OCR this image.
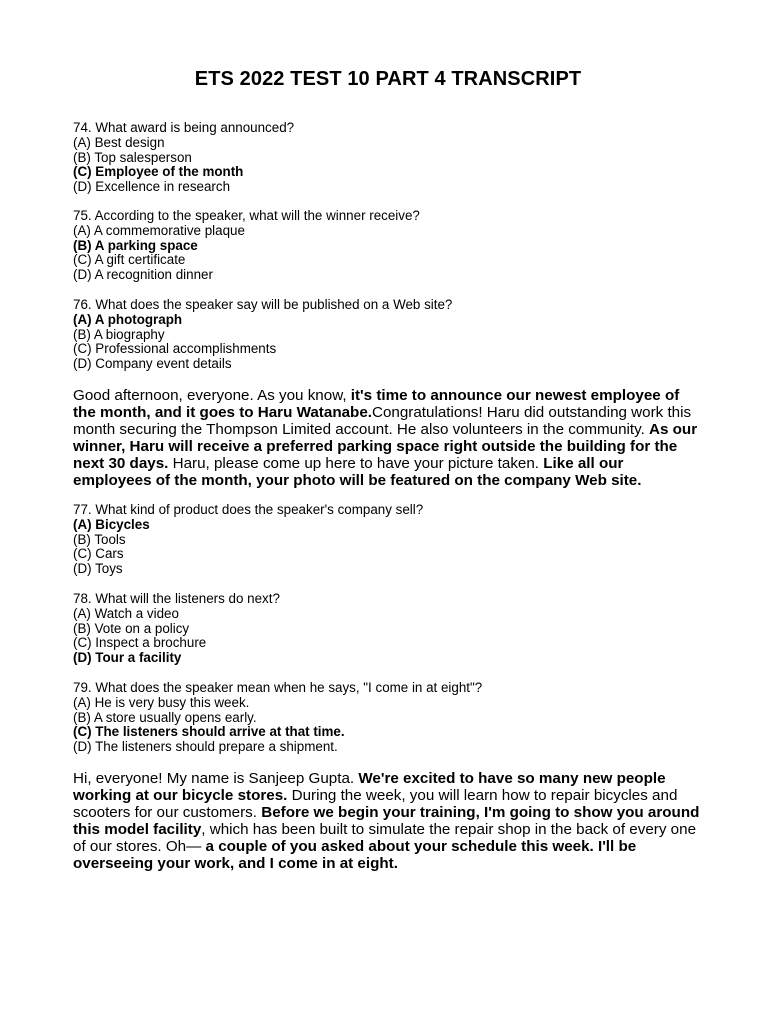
ETS 2022 TEST 10 PART 4 TRANSCRIPT
74. What award is being announced?
(A) Best design
(B) Top salesperson
(C) Employee of the month
(D) Excellence in research
75. According to the speaker, what will the winner receive?
(A) A commemorative plaque
(B) A parking space
(C) A gift certificate
(D) A recognition dinner
76. What does the speaker say will be published on a Web site?
(A) A photograph
(B) A biography
(C) Professional accomplishments
(D) Company event details

Good afternoon, everyone. As you know, it's time to announce our newest employee of the month, and it goes to Haru Watanabe.Congratulations! Haru did outstanding work this month securing the Thompson Limited account. He also volunteers in the community. As our winner, Haru will receive a preferred parking space right outside the building for the next 30 days. Haru, please come up here to have your picture taken. Like all our employees of the month, your photo will be featured on the company Web site.

77. What kind of product does the speaker's company sell?
(A) Bicycles
(B) Tools
(C) Cars
(D) Toys
78. What will the listeners do next?
(A) Watch a video
(B) Vote on a policy
(C) Inspect a brochure
(D) Tour a facility
79. What does the speaker mean when he says, "I come in at eight"?
(A) He is very busy this week.
(B) A store usually opens early.
(C) The listeners should arrive at that time.
(D) The listeners should prepare a shipment.

Hi, everyone! My name is Sanjeep Gupta. We're excited to have so many new people working at our bicycle stores. During the week, you will learn how to repair bicycles and scooters for our customers. Before we begin your training, I'm going to show you around this model facility, which has been built to simulate the repair shop in the back of every one of our stores. Oh— a couple of you asked about your schedule this week. I'll be overseeing your work, and I come in at eight.
